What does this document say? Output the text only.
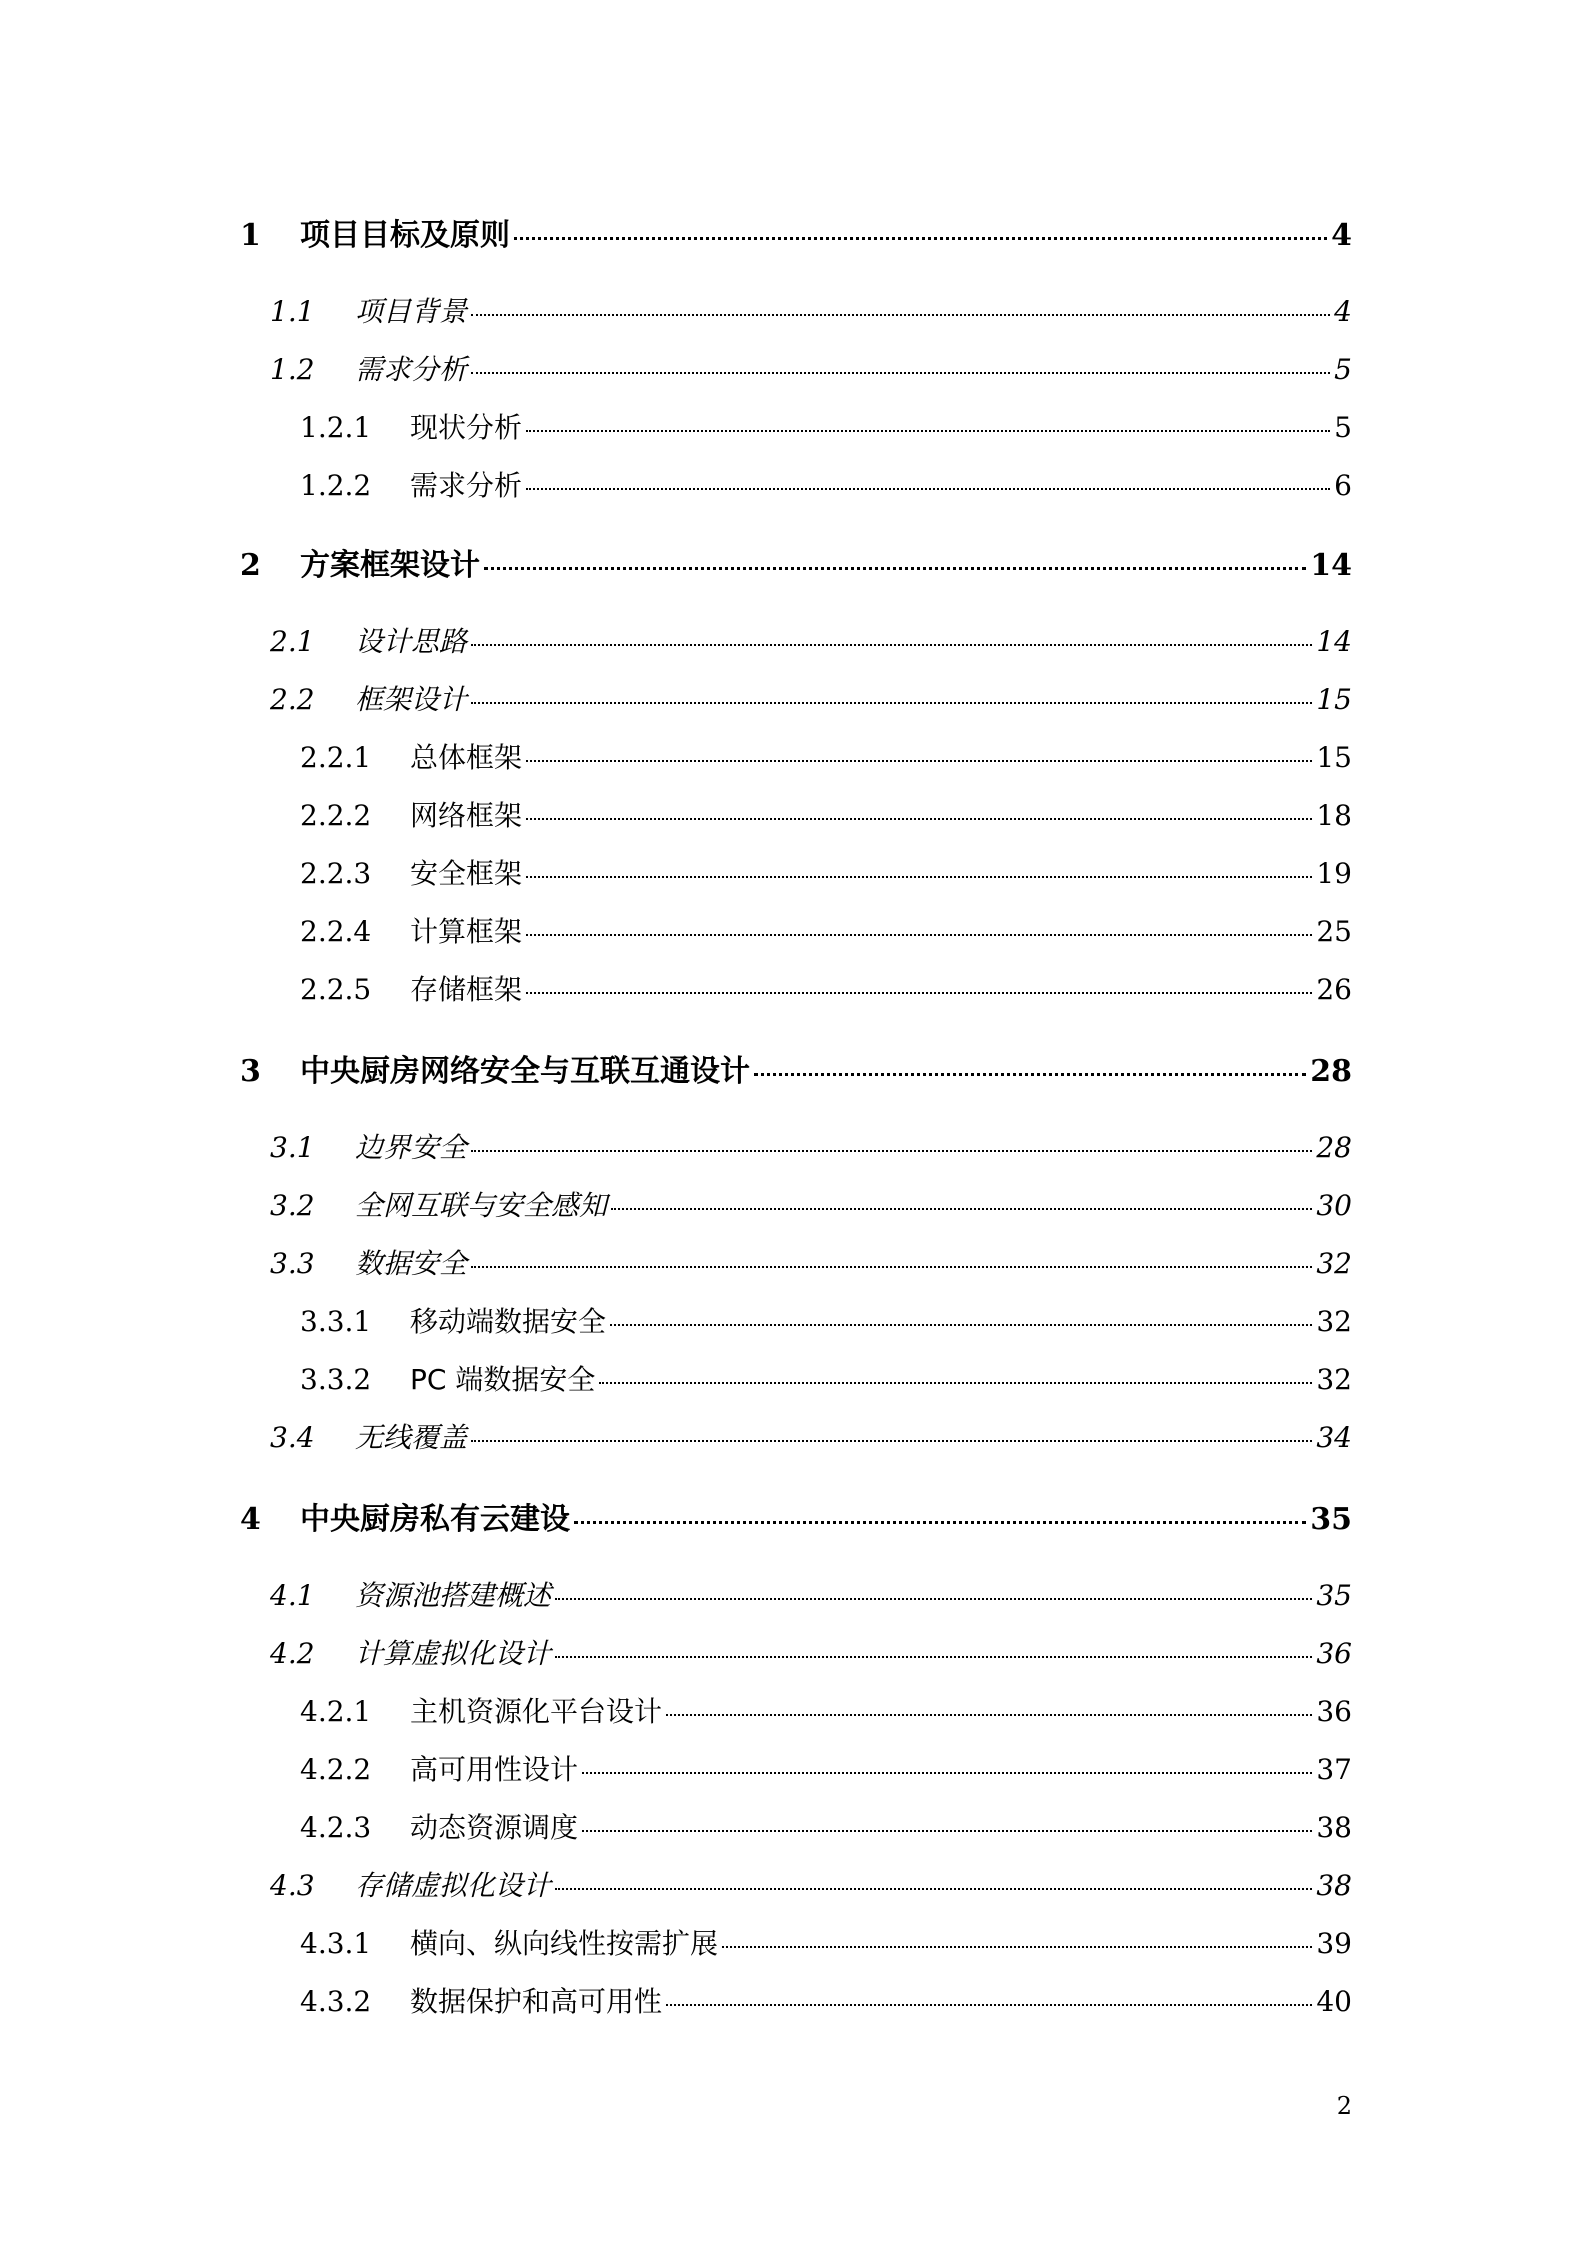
1	项目目标及原则	4
1.1	项目背景	4
1.2	需求分析	5
1.2.1	现状分析	5
1.2.2	需求分析	6
2	方案框架设计	14
2.1	设计思路	14
2.2	框架设计	15
2.2.1	总体框架	15
2.2.2	网络框架	18
2.2.3	安全框架	19
2.2.4	计算框架	25
2.2.5	存储框架	26
3	中央厨房网络安全与互联互通设计	28
3.1	边界安全	28
3.2	全网互联与安全感知	30
3.3	数据安全	32
3.3.1	移动端数据安全	32
3.3.2	PC 端数据安全	32
3.4	无线覆盖	34
4	中央厨房私有云建设	35
4.1	资源池搭建概述	35
4.2	计算虚拟化设计	36
4.2.1	主机资源化平台设计	36
4.2.2	高可用性设计	37
4.2.3	动态资源调度	38
4.3	存储虚拟化设计	38
4.3.1	横向、纵向线性按需扩展	39
4.3.2	数据保护和高可用性	40
2
